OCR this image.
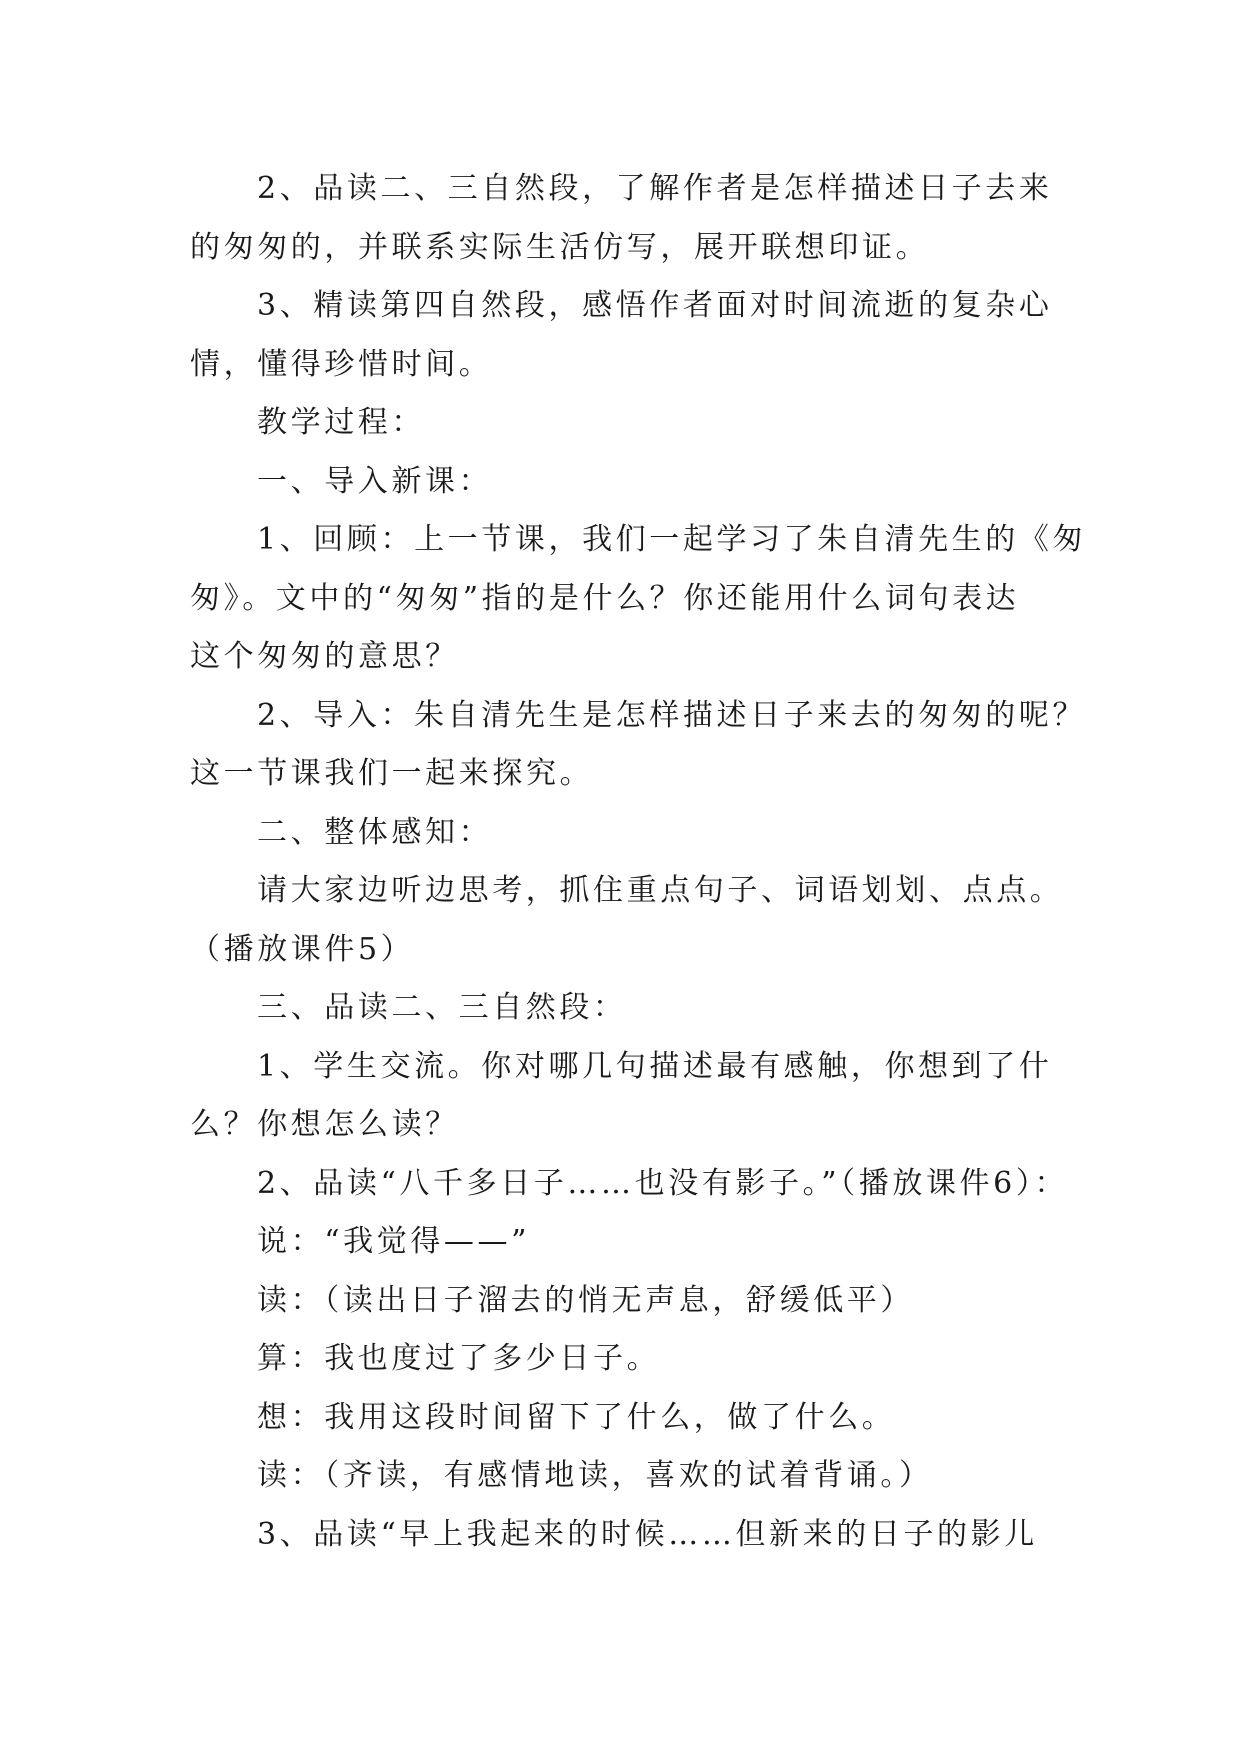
2、品读二、三自然段，了解作者是怎样描述日子去来
的匆匆的，并联系实际生活仿写，展开联想印证。
3、精读第四自然段，感悟作者面对时间流逝的复杂心
情，懂得珍惜时间。
教学过程：
一、导入新课：
1、回顾：上一节课，我们一起学习了朱自清先生的《匆
匆》。文中的“匆匆”指的是什么？你还能用什么词句表达
这个匆匆的意思？
2、导入：朱自清先生是怎样描述日子来去的匆匆的呢？
这一节课我们一起来探究。
二、整体感知：
请大家边听边思考，抓住重点句子、词语划划、点点。
（播放课件5）
三、品读二、三自然段：
1、学生交流。你对哪几句描述最有感触，你想到了什
么？你想怎么读？
2、品读“八千多日子……也没有影子。”（播放课件6）：
说：“我觉得——”
读：（读出日子溜去的悄无声息，舒缓低平）
算：我也度过了多少日子。
想：我用这段时间留下了什么，做了什么。
读：（齐读，有感情地读，喜欢的试着背诵。）
3、品读“早上我起来的时候……但新来的日子的影儿
